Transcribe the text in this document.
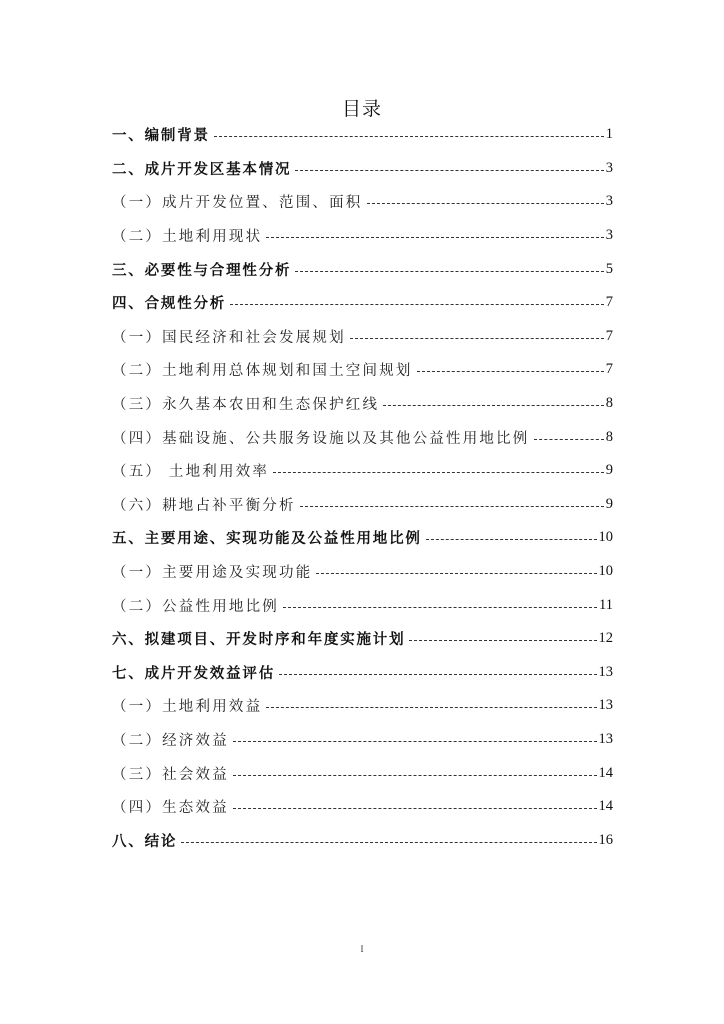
目录
一、编制背景	1
二、成片开发区基本情况	3
（一）成片开发位置、范围、面积	3
（二）土地利用现状	3
三、必要性与合理性分析	5
四、合规性分析	7
（一）国民经济和社会发展规划	7
（二）土地利用总体规划和国土空间规划	7
（三）永久基本农田和生态保护红线	8
（四）基础设施、公共服务设施以及其他公益性用地比例	8
（五） 土地利用效率	9
（六）耕地占补平衡分析	9
五、主要用途、实现功能及公益性用地比例	10
（一）主要用途及实现功能	10
（二）公益性用地比例	11
六、拟建项目、开发时序和年度实施计划	12
七、成片开发效益评估	13
（一）土地利用效益	13
（二）经济效益	13
（三）社会效益	14
（四）生态效益	14
八、结论	16
I
